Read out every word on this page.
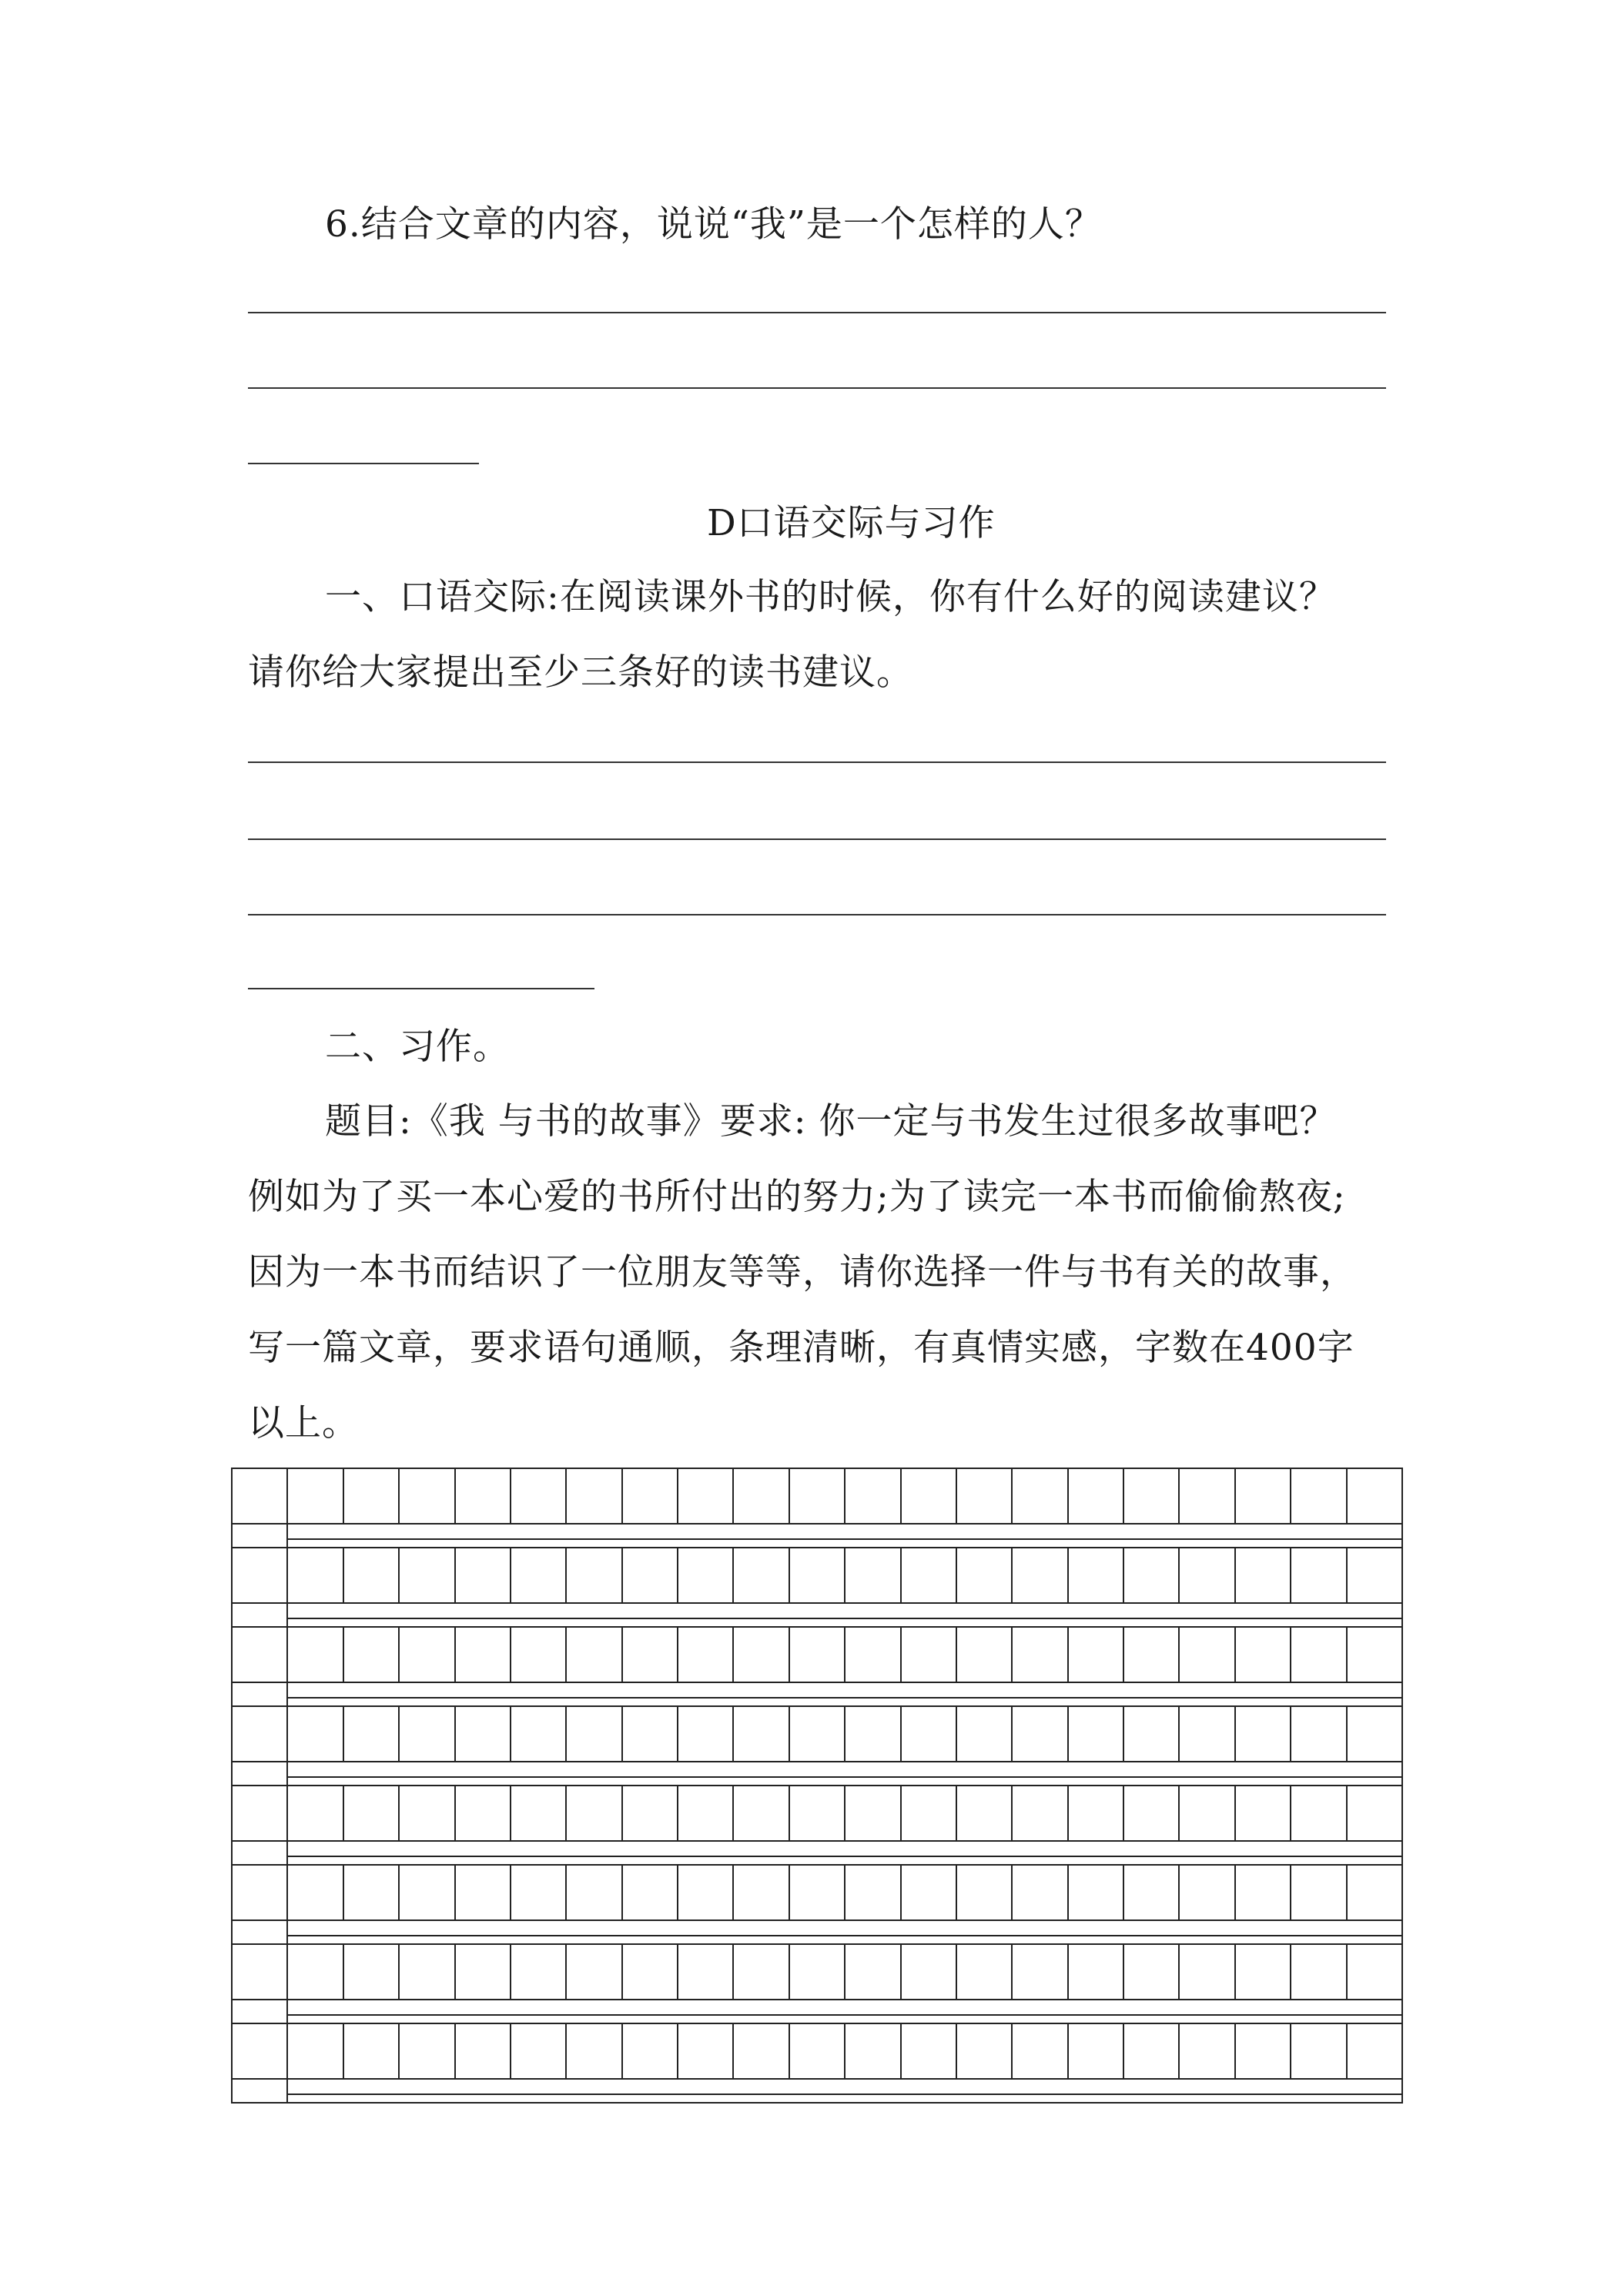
6.结合文章的内容，说说“我”是一个怎样的人？
D口语交际与习作
一、口语交际:在阅读课外书的时候，你有什么好的阅读建议？
请你给大家提出至少三条好的读书建议。
二、习作。
题目:《我 与书的故事》要求: 你一定与书发生过很多故事吧？
例如为了买一本心爱的书所付出的努力;为了读完一本书而偷偷熬夜;
因为一本书而结识了一位朋友等等，请你选择一件与书有关的故事，
写一篇文章，要求语句通顺，条理清晰，有真情实感，字数在400字
以上。
